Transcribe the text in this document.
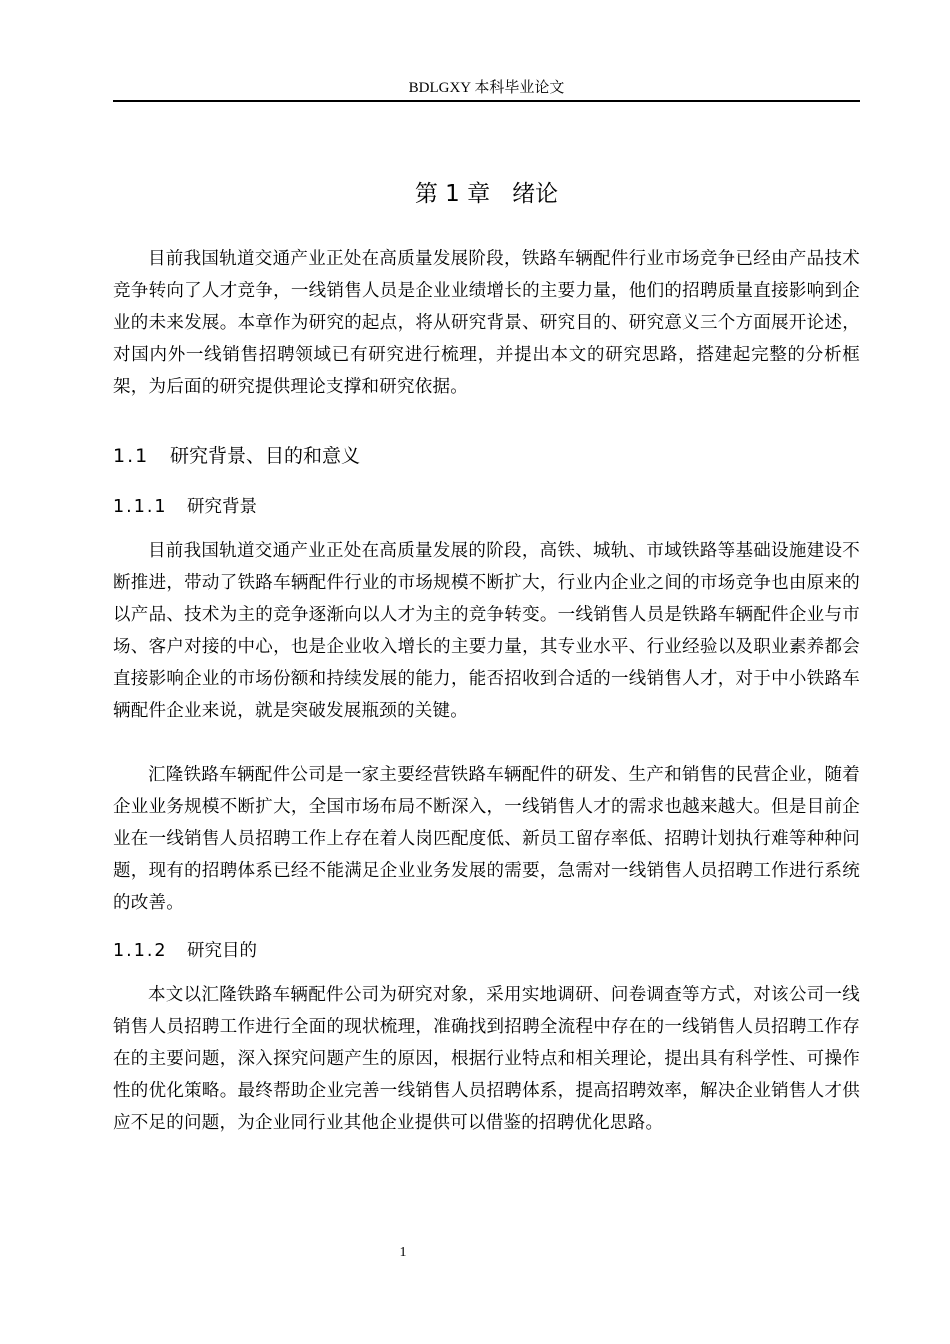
BDLGXY 本科毕业论文
第 1 章 绪论

目前我国轨道交通产业正处在高质量发展阶段，铁路车辆配件行业市场竞争已经由产品技术竞争转向了人才竞争，一线销售人员是企业业绩增长的主要力量，他们的招聘质量直接影响到企业的未来发展。本章作为研究的起点，将从研究背景、研究目的、研究意义三个方面展开论述，对国内外一线销售招聘领域已有研究进行梳理，并提出本文的研究思路，搭建起完整的分析框架，为后面的研究提供理论支撑和研究依据。

1.1 研究背景、目的和意义
1.1.1 研究背景

目前我国轨道交通产业正处在高质量发展的阶段，高铁、城轨、市域铁路等基础设施建设不断推进，带动了铁路车辆配件行业的市场规模不断扩大，行业内企业之间的市场竞争也由原来的以产品、技术为主的竞争逐渐向以人才为主的竞争转变。一线销售人员是铁路车辆配件企业与市场、客户对接的中心，也是企业收入增长的主要力量，其专业水平、行业经验以及职业素养都会直接影响企业的市场份额和持续发展的能力，能否招收到合适的一线销售人才，对于中小铁路车辆配件企业来说，就是突破发展瓶颈的关键。

汇隆铁路车辆配件公司是一家主要经营铁路车辆配件的研发、生产和销售的民营企业，随着企业业务规模不断扩大，全国市场布局不断深入，一线销售人才的需求也越来越大。但是目前企业在一线销售人员招聘工作上存在着人岗匹配度低、新员工留存率低、招聘计划执行难等种种问题，现有的招聘体系已经不能满足企业业务发展的需要，急需对一线销售人员招聘工作进行系统的改善。

1.1.2 研究目的

本文以汇隆铁路车辆配件公司为研究对象，采用实地调研、问卷调查等方式，对该公司一线销售人员招聘工作进行全面的现状梳理，准确找到招聘全流程中存在的一线销售人员招聘工作存在的主要问题，深入探究问题产生的原因，根据行业特点和相关理论，提出具有科学性、可操作性的优化策略。最终帮助企业完善一线销售人员招聘体系，提高招聘效率，解决企业销售人才供应不足的问题，为企业同行业其他企业提供可以借鉴的招聘优化思路。

1
